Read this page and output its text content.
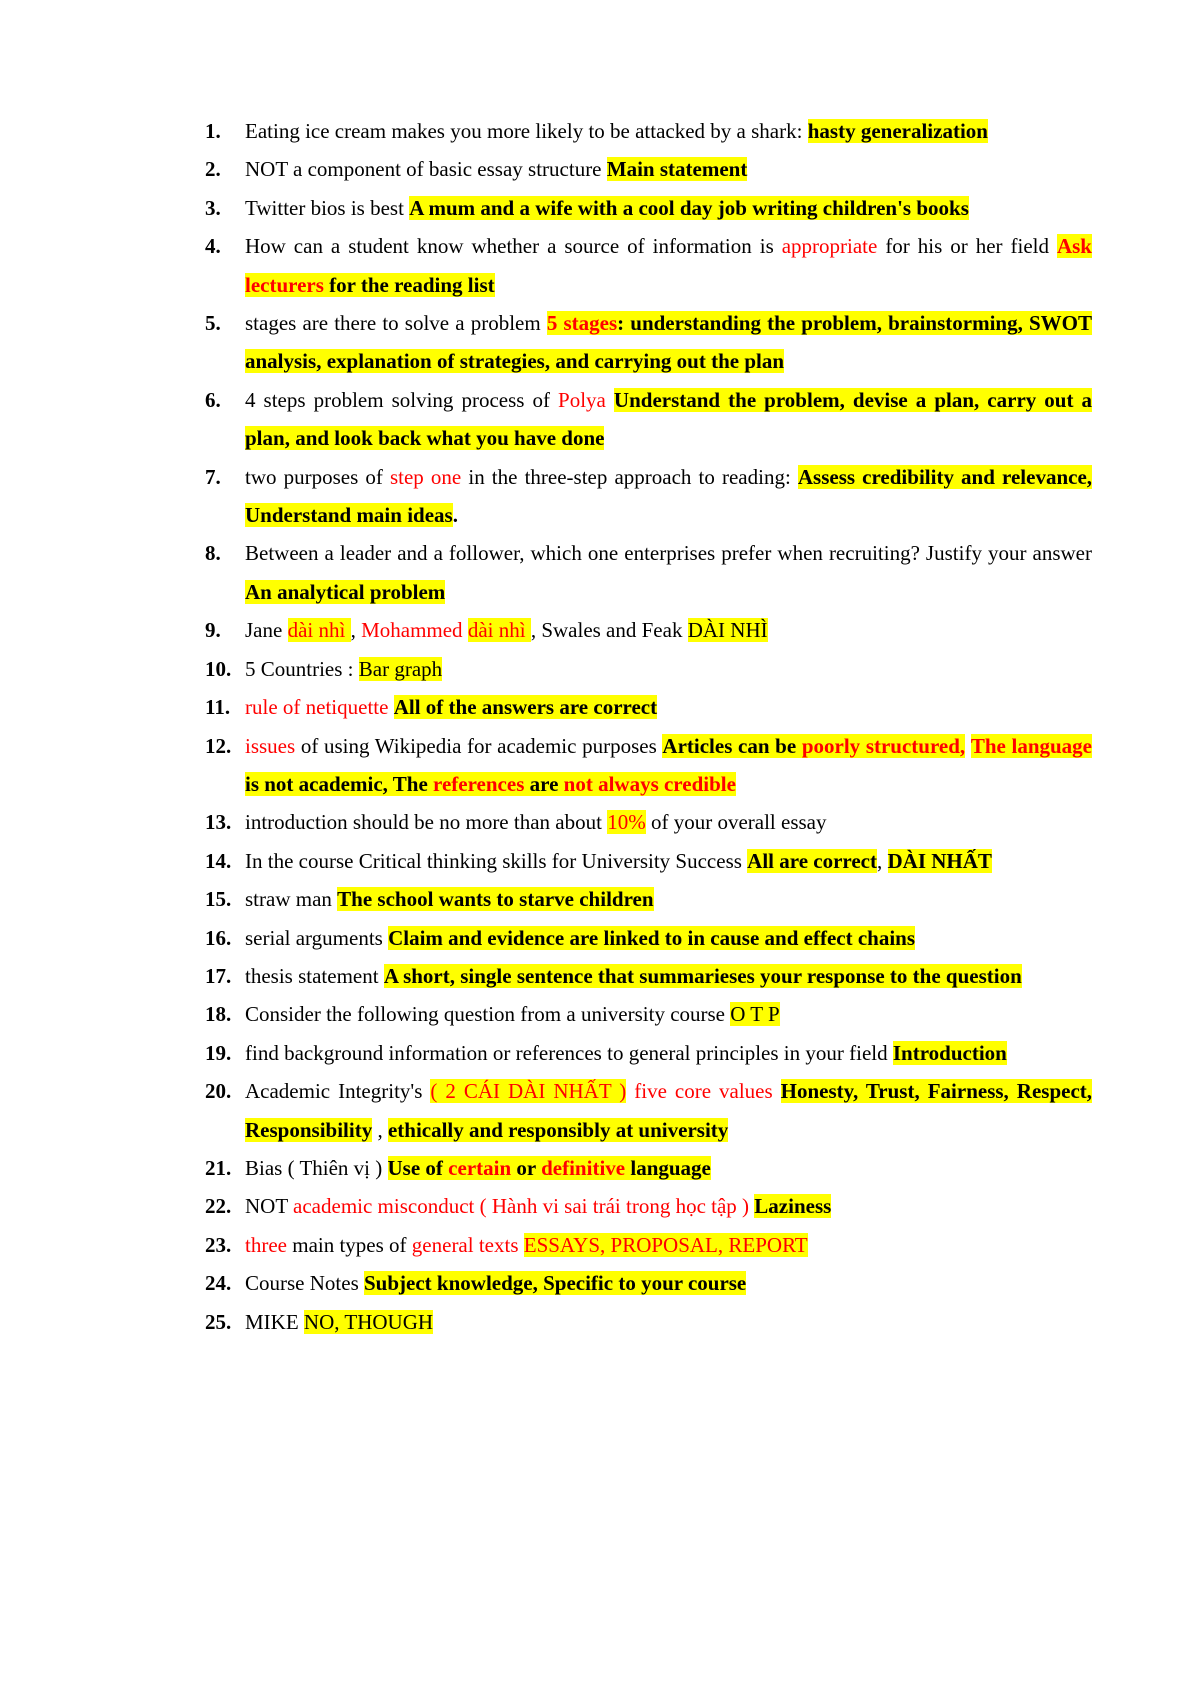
1.	Eating ice cream makes you more likely to be attacked by a shark: hasty generalization
2.	NOT a component of basic essay structure Main statement
3.	Twitter bios is best A mum and a wife with a cool day job writing children's books
4.	How can a student know whether a source of information is appropriate for his or her field Ask lecturers for the reading list
5.	stages are there to solve a problem 5 stages: understanding the problem, brainstorming, SWOT analysis, explanation of strategies, and carrying out the plan
6.	4 steps problem solving process of Polya Understand the problem, devise a plan, carry out a plan, and look back what you have done
7.	two purposes of step one in the three-step approach to reading: Assess credibility and relevance, Understand main ideas.
8.	Between a leader and a follower, which one enterprises prefer when recruiting? Justify your answer An analytical problem
9.	Jane dài nhì , Mohammed dài nhì , Swales and Feak DÀI NHÌ
10. 5 Countries : Bar graph
11. rule of netiquette All of the answers are correct
12. issues of using Wikipedia for academic purposes Articles can be poorly structured, The language is not academic, The references are not always credible
13. introduction should be no more than about 10% of your overall essay
14. In the course Critical thinking skills for University Success All are correct, DÀI NHẤT
15. straw man The school wants to starve children
16. serial arguments Claim and evidence are linked to in cause and effect chains
17. thesis statement A short, single sentence that summarieses your response to the question
18. Consider the following question from a university course O T P
19. find background information or references to general principles in your field Introduction
20. Academic Integrity's ( 2 CÁI DÀI NHẤT ) five core values Honesty, Trust, Fairness, Respect, Responsibility , ethically and responsibly at university
21. Bias ( Thiên vị ) Use of certain or definitive language
22. NOT academic misconduct ( Hành vi sai trái trong học tập ) Laziness
23. three main types of general texts ESSAYS, PROPOSAL, REPORT
24. Course Notes Subject knowledge, Specific to your course
25. MIKE NO, THOUGH
